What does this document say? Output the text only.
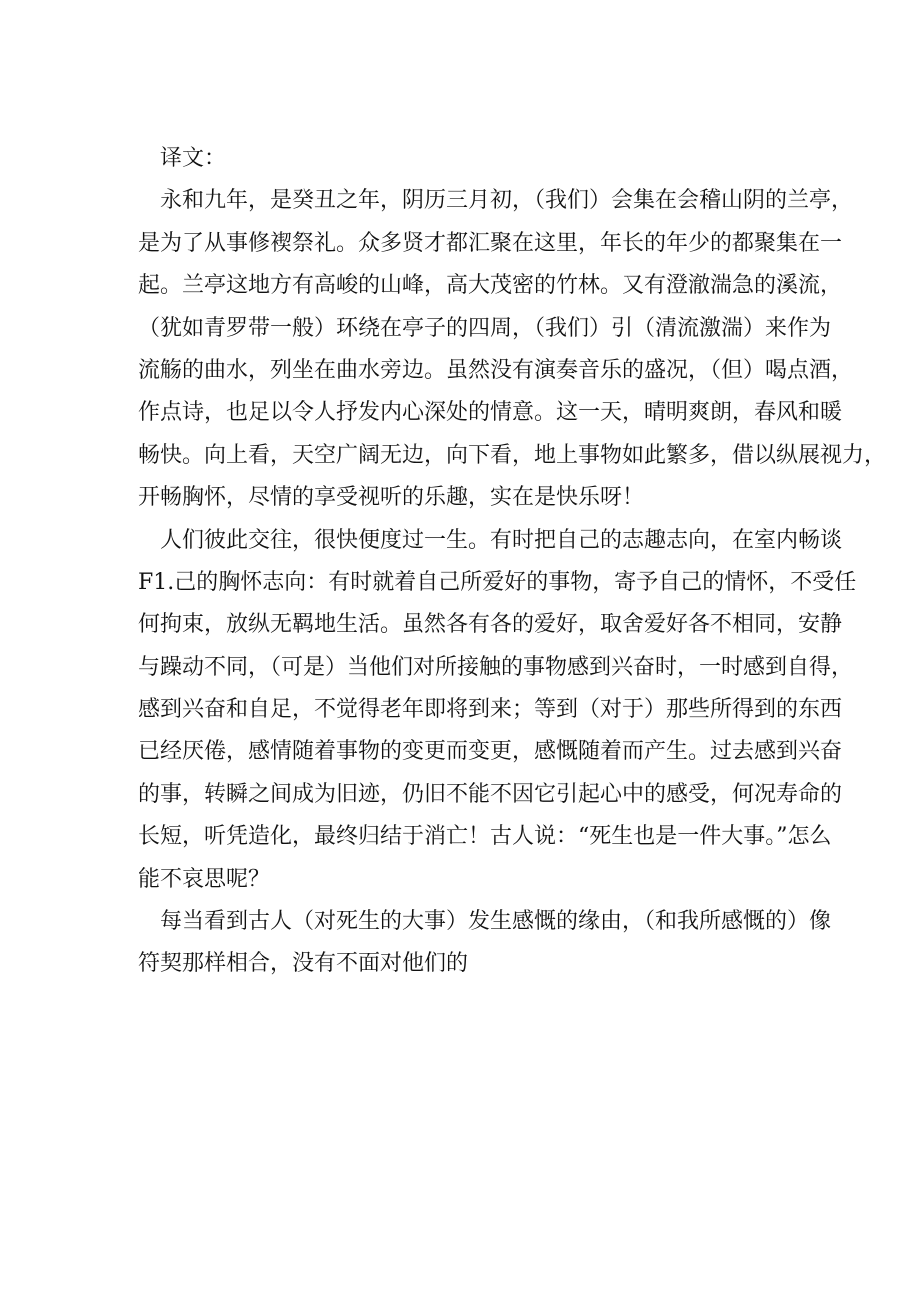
译文：
永和九年，是癸丑之年，阴历三月初，（我们）会集在会稽山阴的兰亭，
是为了从事修褉祭礼。众多贤才都汇聚在这里，年长的年少的都聚集在一
起。兰亭这地方有高峻的山峰，高大茂密的竹林。又有澄澈湍急的溪流，
（犹如青罗带一般）环绕在亭子的四周，（我们）引（清流激湍）来作为
流觞的曲水，列坐在曲水旁边。虽然没有演奏音乐的盛况，（但）喝点酒，
作点诗，也足以令人抒发内心深处的情意。这一天，晴明爽朗，春风和暖
畅快。向上看，天空广阔无边，向下看，地上事物如此繁多，借以纵展视力，
开畅胸怀，尽情的享受视听的乐趣，实在是快乐呀！
人们彼此交往，很快便度过一生。有时把自己的志趣志向，在室内畅谈
F1.己的胸怀志向：有时就着自己所爱好的事物，寄予自己的情怀，不受任
何拘束，放纵无羁地生活。虽然各有各的爱好，取舍爱好各不相同，安静
与躁动不同，（可是）当他们对所接触的事物感到兴奋时，一时感到自得，
感到兴奋和自足，不觉得老年即将到来；等到（对于）那些所得到的东西
已经厌倦，感情随着事物的变更而变更，感慨随着而产生。过去感到兴奋
的事，转瞬之间成为旧迹，仍旧不能不因它引起心中的感受，何况寿命的
长短，听凭造化，最终归结于消亡！古人说：“死生也是一件大事。”怎么
能不哀思呢？
每当看到古人（对死生的大事）发生感慨的缘由，（和我所感慨的）像
符契那样相合，没有不面对他们的
